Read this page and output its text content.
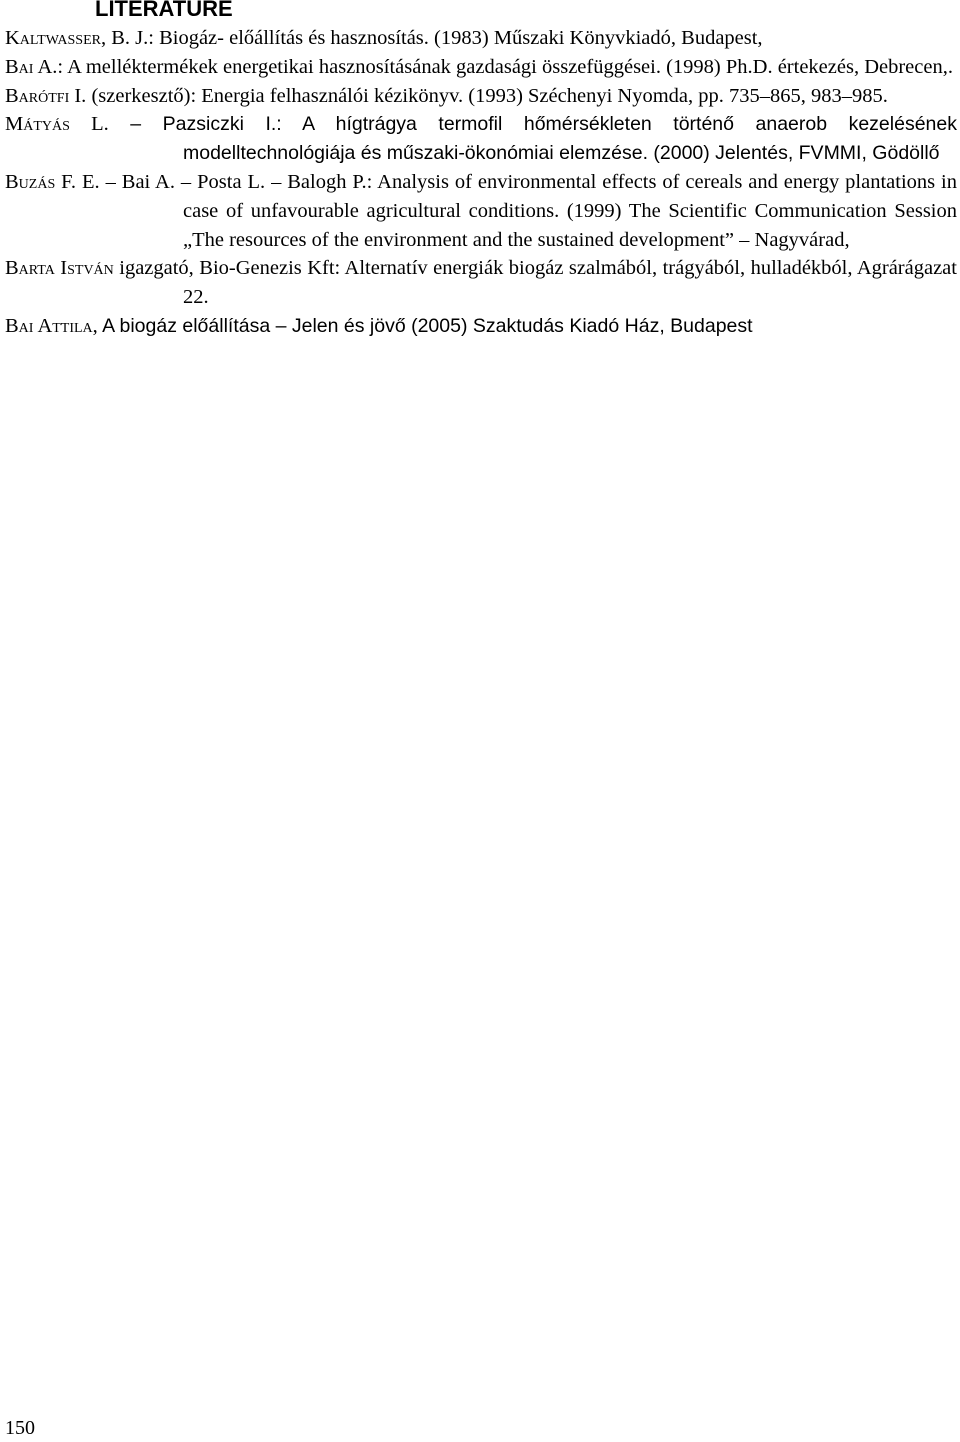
LITERATURE
Kaltwasser, B. J.: Biogáz- előállítás és hasznosítás. (1983) Műszaki Könyvkiadó, Budapest,
Bai A.: A melléktermékek energetikai hasznosításának gazdasági összefüggései. (1998) Ph.D. értekezés, Debrecen,.
Barótfi I. (szerkesztő): Energia felhasználói kézikönyv. (1993) Széchenyi Nyomda, pp. 735–865, 983–985.
Mátyás L. – Pazsiczki I.: A hígtrágya termofil hőmérsékleten történő anaerob kezelésének modelltechnológiája és műszaki-ökonómiai elemzése. (2000) Jelentés, FVMMI, Gödöllő
Buzás F. E. – Bai A. – Posta L. – Balogh P.: Analysis of environmental effects of cereals and energy plantations in case of unfavourable agricultural conditions. (1999) The Scientific Communication Session „The resources of the environment and the sustained development” – Nagyvárad,
Barta István igazgató, Bio-Genezis Kft: Alternatív energiák biogáz szalmából, trágyából, hulladékból, Agrárágazat 22.
Bai Attila, A biogáz előállítása – Jelen és jövő (2005) Szaktudás Kiadó Ház, Budapest
150
